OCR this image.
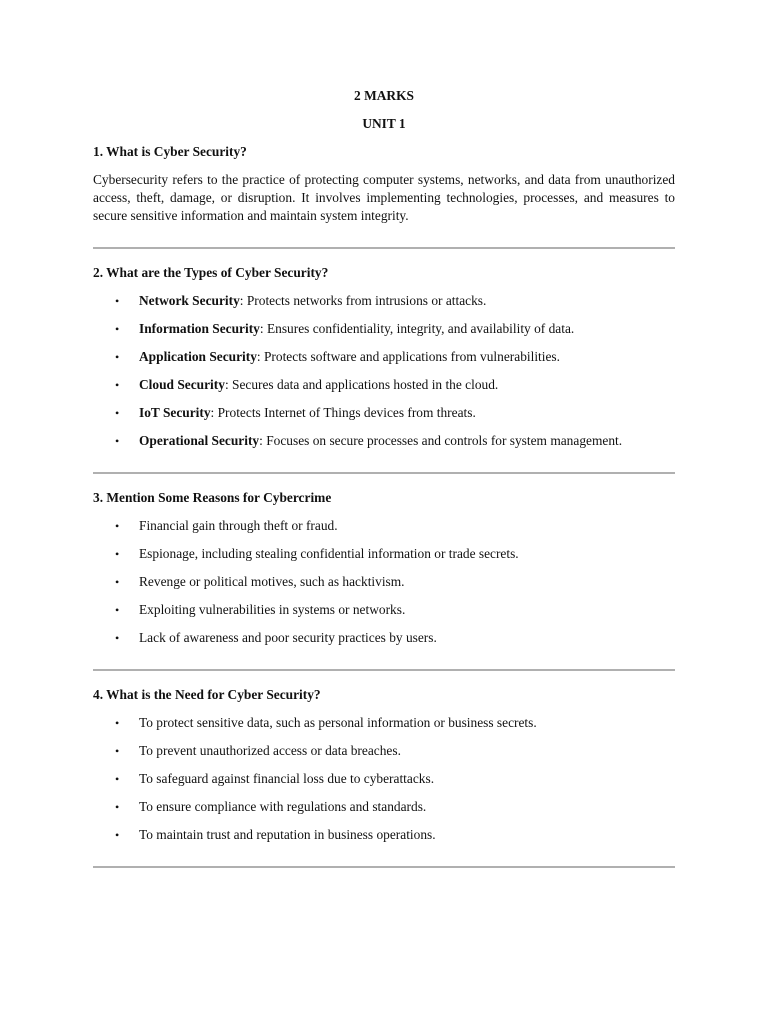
2 MARKS

UNIT 1

1. What is Cyber Security?

Cybersecurity refers to the practice of protecting computer systems, networks, and data from unauthorized access, theft, damage, or disruption. It involves implementing technologies, processes, and measures to secure sensitive information and maintain system integrity.

2. What are the Types of Cyber Security?

• Network Security: Protects networks from intrusions or attacks.
• Information Security: Ensures confidentiality, integrity, and availability of data.
• Application Security: Protects software and applications from vulnerabilities.
• Cloud Security: Secures data and applications hosted in the cloud.
• IoT Security: Protects Internet of Things devices from threats.
• Operational Security: Focuses on secure processes and controls for system management.

3. Mention Some Reasons for Cybercrime

• Financial gain through theft or fraud.
• Espionage, including stealing confidential information or trade secrets.
• Revenge or political motives, such as hacktivism.
• Exploiting vulnerabilities in systems or networks.
• Lack of awareness and poor security practices by users.

4. What is the Need for Cyber Security?

• To protect sensitive data, such as personal information or business secrets.
• To prevent unauthorized access or data breaches.
• To safeguard against financial loss due to cyberattacks.
• To ensure compliance with regulations and standards.
• To maintain trust and reputation in business operations.
